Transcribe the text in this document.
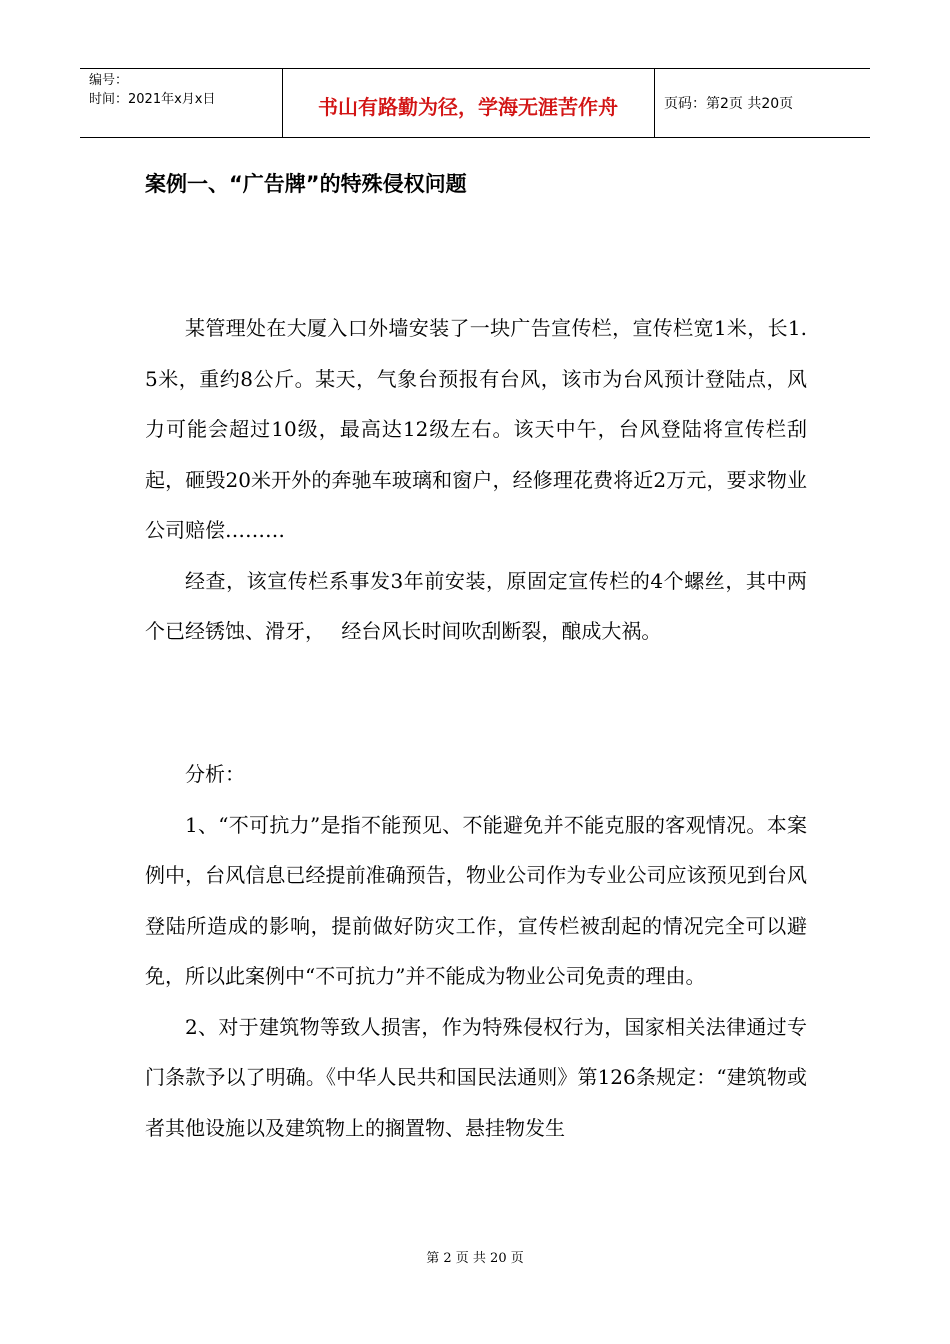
编号：
时间：2021年x月x日	书山有路勤为径，学海无涯苦作舟	页码：第2页 共20页
案例一、“广告牌”的特殊侵权问题

某管理处在大厦入口外墙安装了一块广告宣传栏，宣传栏宽1米，长1.5米，重约8公斤。某天，气象台预报有台风，该市为台风预计登陆点，风力可能会超过10级，最高达12级左右。该天中午，台风登陆将宣传栏刮起，砸毁20米开外的奔驰车玻璃和窗户，经修理花费将近2万元，要求物业公司赔偿………

经查，该宣传栏系事发3年前安装，原固定宣传栏的4个螺丝，其中两个已经锈蚀、滑牙，　 经台风长时间吹刮断裂，酿成大祸。

分析：

1、“不可抗力”是指不能预见、不能避免并不能克服的客观情况。本案例中，台风信息已经提前准确预告，物业公司作为专业公司应该预见到台风登陆所造成的影响，提前做好防灾工作，宣传栏被刮起的情况完全可以避免，所以此案例中“不可抗力”并不能成为物业公司免责的理由。

2、对于建筑物等致人损害，作为特殊侵权行为，国家相关法律通过专门条款予以了明确。《中华人民共和国民法通则》第126条规定：“建筑物或者其他设施以及建筑物上的搁置物、悬挂物发生

第 2 页 共 20 页
